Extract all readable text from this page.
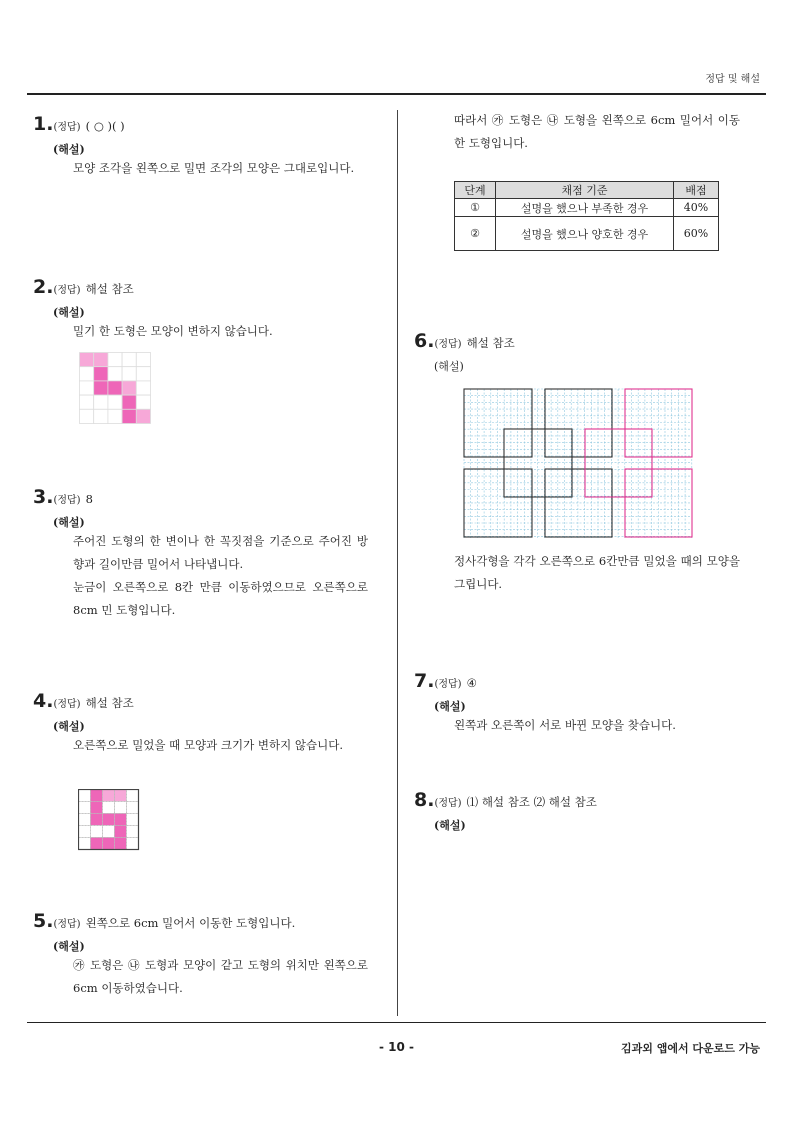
정답 및 해설
1.(정답) ( ○ )( )
(해설)
모양 조각을 왼쪽으로 밀면 조각의 모양은 그대로입니다.
2.(정답) 해설 참조
(해설)
밀기 한 도형은 모양이 변하지 않습니다.
3.(정답) 8
(해설)

주어진 도형의 한 변이나 한 꼭짓점을 기준으로 주어진 방향과 길이만큼 밀어서 나타냅니다.

눈금이 오른쪽으로 8칸 만큼 이동하였으므로 오른쪽으로 8cm 민 도형입니다.

4.(정답) 해설 참조
(해설)
오른쪽으로 밀었을 때 모양과 크기가 변하지 않습니다.
5.(정답) 왼쪽으로 6cm 밀어서 이동한 도형입니다.
(해설)
㉮ 도형은 ㉯ 도형과 모양이 같고 도형의 위치만 왼쪽으로 6cm 이동하였습니다.
따라서 ㉮ 도형은 ㉯ 도형을 왼쪽으로 6cm 밀어서 이동한 도형입니다.
단계	채점 기준	배점
①	설명을 했으나 부족한 경우	40%
②	설명을 했으나 양호한 경우	60%
6.(정답) 해설 참조
(해설)
정사각형을 각각 오른쪽으로 6칸만큼 밀었을 때의 모양을 그립니다.
7.(정답) ④
(해설)
왼쪽과 오른쪽이 서로 바뀐 모양을 찾습니다.
8.(정답) ⑴ 해설 참조 ⑵ 해설 참조
(해설)
- 10 -	김과외 앱에서 다운로드 가능
